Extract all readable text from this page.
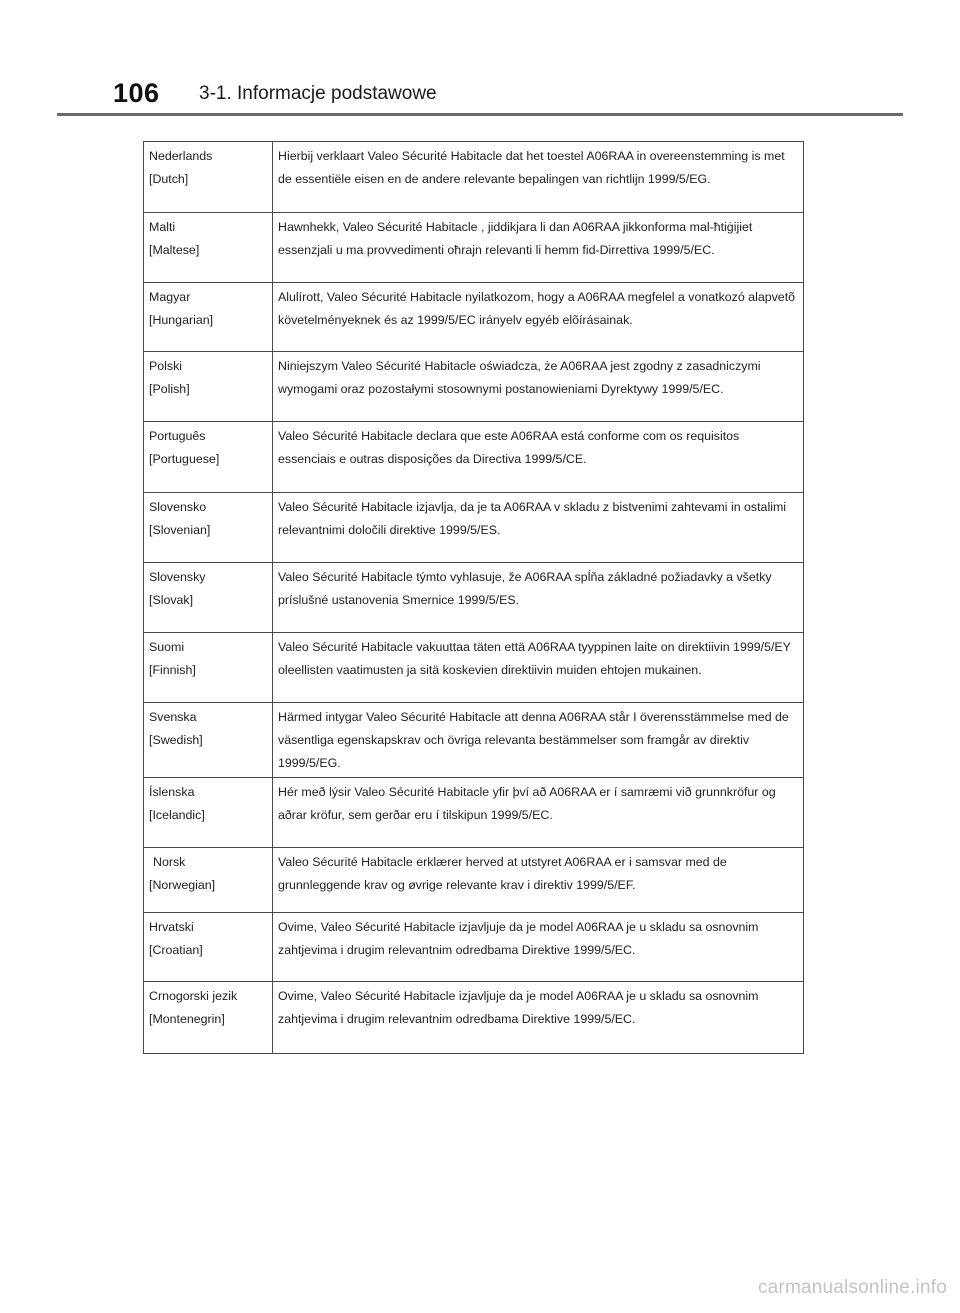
106 3-1. Informacje podstawowe
Nederlands
[Dutch]	Hierbij verklaart Valeo Sécurité Habitacle dat het toestel A06RAA in overeenstemming is met de essentiële eisen en de andere relevante bepalingen van richtlijn 1999/5/EG.

Malti
[Maltese]	Hawnhekk, Valeo Sécurité Habitacle , jiddikjara li dan A06RAA jikkonforma mal-ħtiġijiet essenzjali u ma provvedimenti oħrajn relevanti li hemm fid-Dirrettiva 1999/5/EC.

Magyar
[Hungarian]	Alulírott, Valeo Sécurité Habitacle nyilatkozom, hogy a A06RAA megfelel a vonatkozó alapvetõ követelményeknek és az 1999/5/EC irányelv egyéb elõírásainak.

Polski
[Polish]	Niniejszym Valeo Sécurité Habitacle oświadcza, że A06RAA jest zgodny z zasadniczymi wymogami oraz pozostałymi stosownymi postanowieniami Dyrektywy 1999/5/EC.

Português
[Portuguese]	Valeo Sécurité Habitacle declara que este A06RAA está conforme com os requisitos essenciais e outras disposições da Directiva 1999/5/CE.

Slovensko
[Slovenian]	Valeo Sécurité Habitacle izjavlja, da je ta A06RAA v skladu z bistvenimi zahtevami in ostalimi relevantnimi določili direktive 1999/5/ES.

Slovensky
[Slovak]	Valeo Sécurité Habitacle týmto vyhlasuje, že A06RAA spĺňa základné požiadavky a všetky príslušné ustanovenia Smernice 1999/5/ES.

Suomi
[Finnish]	Valeo Sécurité Habitacle vakuuttaa täten että A06RAA tyyppinen laite on direktiivin 1999/5/EY oleellisten vaatimusten ja sitä koskevien direktiivin muiden ehtojen mukainen.

Svenska
[Swedish]	Härmed intygar Valeo Sécurité Habitacle att denna A06RAA står I överensstämmelse med de väsentliga egenskapskrav och övriga relevanta bestämmelser som framgår av direktiv 1999/5/EG.

Íslenska
[Icelandic]	Hér með lýsir Valeo Sécurité Habitacle yfir því að A06RAA er í samræmi við grunnkröfur og aðrar kröfur, sem gerðar eru í tilskipun 1999/5/EC.

Norsk
[Norwegian]	Valeo Sécurité Habitacle erklærer herved at utstyret A06RAA er i samsvar med de grunnleggende krav og øvrige relevante krav i direktiv 1999/5/EF.

Hrvatski
[Croatian]	Ovime, Valeo Sécurité Habitacle izjavljuje da je model A06RAA je u skladu sa osnovnim zahtjevima i drugim relevantnim odredbama Direktive 1999/5/EC.

Crnogorski jezik
[Montenegrin]	Ovime, Valeo Sécurité Habitacle izjavljuje da je model A06RAA je u skladu sa osnovnim zahtjevima i drugim relevantnim odredbama Direktive 1999/5/EC.
carmanualsonline.info
